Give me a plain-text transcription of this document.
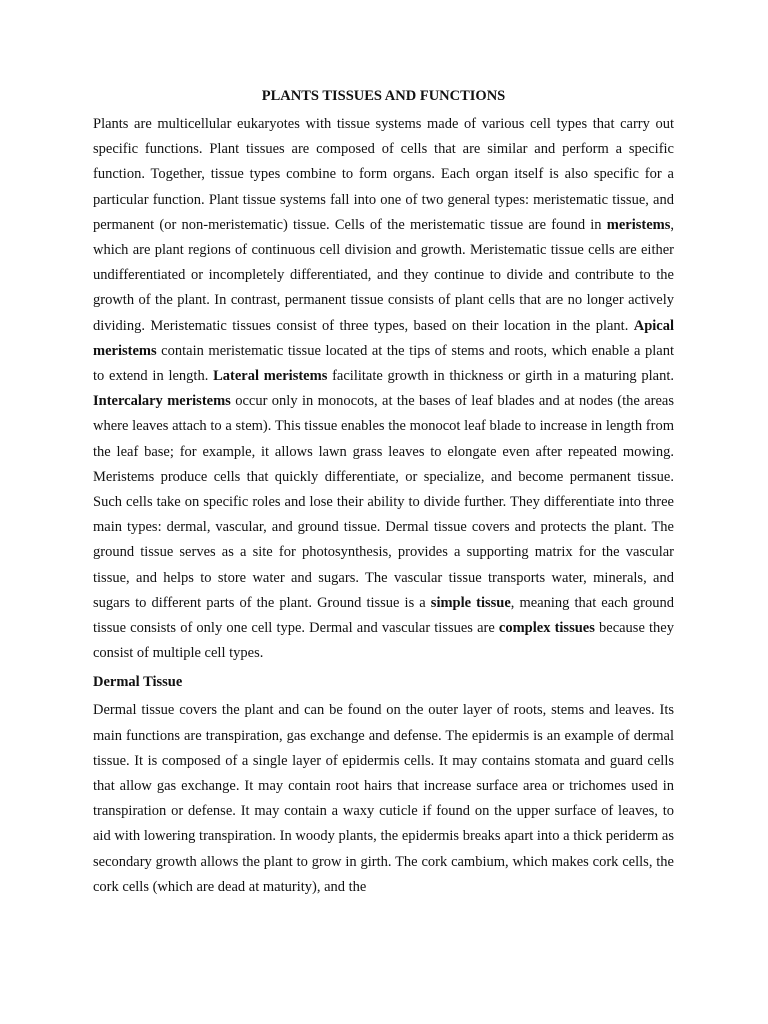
PLANTS TISSUES AND FUNCTIONS

Plants are multicellular eukaryotes with tissue systems made of various cell types that carry out specific functions. Plant tissues are composed of cells that are similar and perform a specific function. Together, tissue types combine to form organs. Each organ itself is also specific for a particular function. Plant tissue systems fall into one of two general types: meristematic tissue, and permanent (or non-meristematic) tissue. Cells of the meristematic tissue are found in meristems, which are plant regions of continuous cell division and growth. Meristematic tissue cells are either undifferentiated or incompletely differentiated, and they continue to divide and contribute to the growth of the plant. In contrast, permanent tissue consists of plant cells that are no longer actively dividing. Meristematic tissues consist of three types, based on their location in the plant. Apical meristems contain meristematic tissue located at the tips of stems and roots, which enable a plant to extend in length. Lateral meristems facilitate growth in thickness or girth in a maturing plant. Intercalary meristems occur only in monocots, at the bases of leaf blades and at nodes (the areas where leaves attach to a stem). This tissue enables the monocot leaf blade to increase in length from the leaf base; for example, it allows lawn grass leaves to elongate even after repeated mowing. Meristems produce cells that quickly differentiate, or specialize, and become permanent tissue. Such cells take on specific roles and lose their ability to divide further. They differentiate into three main types: dermal, vascular, and ground tissue. Dermal tissue covers and protects the plant. The ground tissue serves as a site for photosynthesis, provides a supporting matrix for the vascular tissue, and helps to store water and sugars. The vascular tissue transports water, minerals, and sugars to different parts of the plant. Ground tissue is a simple tissue, meaning that each ground tissue consists of only one cell type. Dermal and vascular tissues are complex tissues because they consist of multiple cell types.

Dermal Tissue

Dermal tissue covers the plant and can be found on the outer layer of roots, stems and leaves. Its main functions are transpiration, gas exchange and defense. The epidermis is an example of dermal tissue. It is composed of a single layer of epidermis cells. It may contains stomata and guard cells that allow gas exchange. It may contain root hairs that increase surface area or trichomes used in transpiration or defense. It may contain a waxy cuticle if found on the upper surface of leaves, to aid with lowering transpiration. In woody plants, the epidermis breaks apart into a thick periderm as secondary growth allows the plant to grow in girth. The cork cambium, which makes cork cells, the cork cells (which are dead at maturity), and the
